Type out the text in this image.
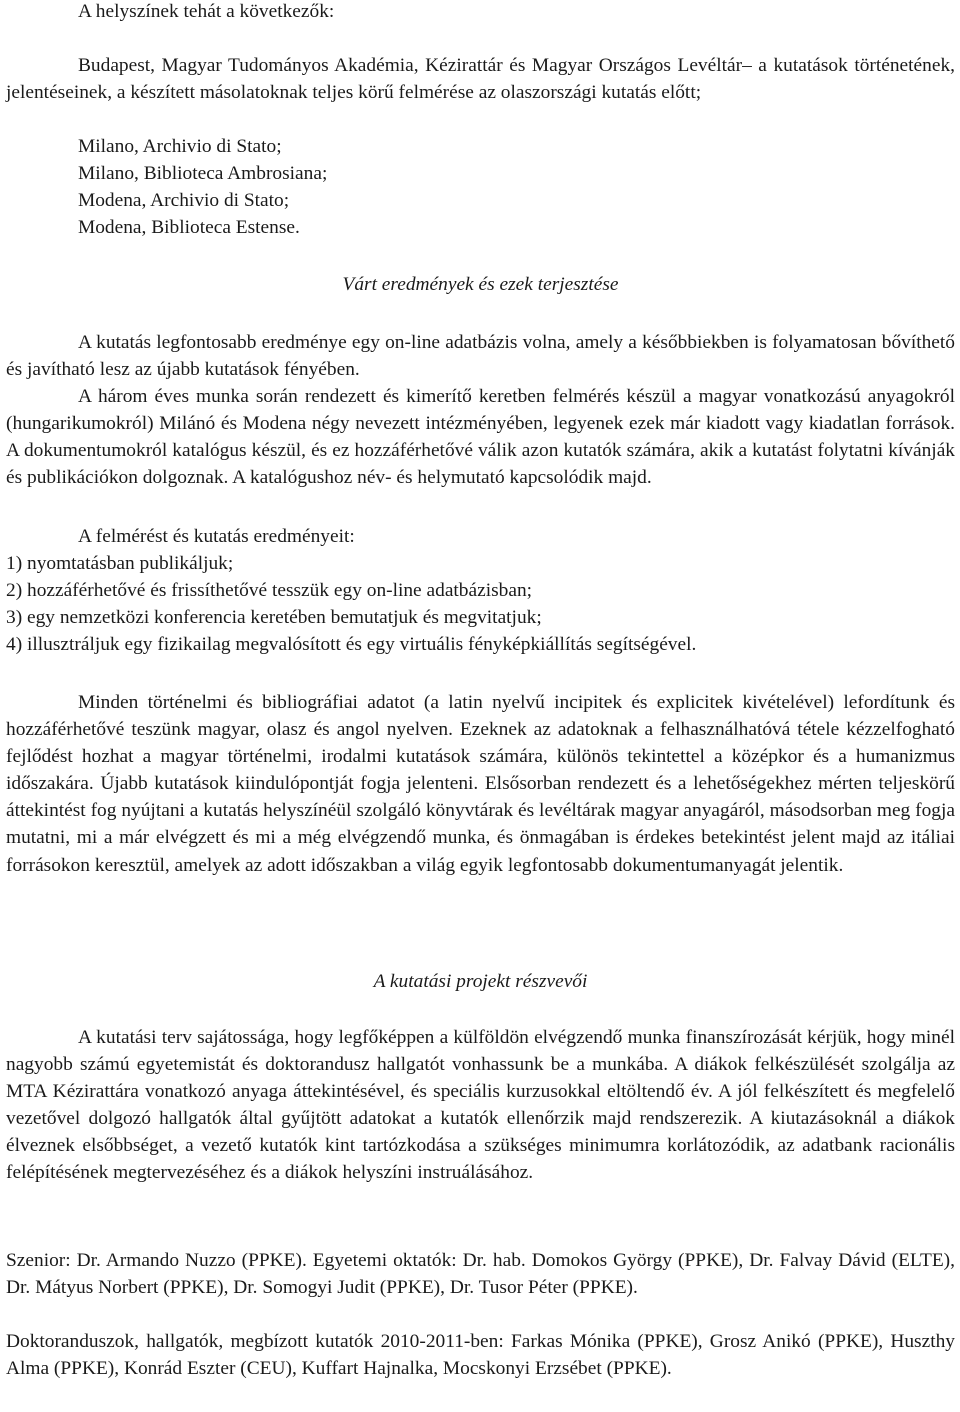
A helyszínek tehát a következők:

Budapest, Magyar Tudományos Akadémia, Kézirattár és Magyar Országos Levéltár– a kutatások történetének, jelentéseinek, a készített másolatoknak teljes körű felmérése az olaszországi kutatás előtt;

Milano, Archivio di Stato;
Milano, Biblioteca Ambrosiana;
Modena, Archivio di Stato;
Modena, Biblioteca Estense.

Várt eredmények és ezek terjesztése

A kutatás legfontosabb eredménye egy on-line adatbázis volna, amely a későbbiekben is folyamatosan bővíthető és javítható lesz az újabb kutatások fényében.

A három éves munka során rendezett és kimerítő keretben felmérés készül a magyar vonatkozású anyagokról (hungarikumokról) Milánó és Modena négy nevezett intézményében, legyenek ezek már kiadott vagy kiadatlan források. A dokumentumokról katalógus készül, és ez hozzáférhetővé válik azon kutatók számára, akik a kutatást folytatni kívánják és publikációkon dolgoznak. A katalógushoz név- és helymutató kapcsolódik majd.

A felmérést és kutatás eredményeit:

1) nyomtatásban publikáljuk;
2) hozzáférhetővé és frissíthetővé tesszük egy on-line adatbázisban;
3) egy nemzetközi konferencia keretében bemutatjuk és megvitatjuk;
4) illusztráljuk egy fizikailag megvalósított és egy virtuális fényképkiállítás segítségével.

Minden történelmi és bibliográfiai adatot (a latin nyelvű incipitek és explicitek kivételével) lefordítunk és hozzáférhetővé teszünk magyar, olasz és angol nyelven. Ezeknek az adatoknak a felhasználhatóvá tétele kézzelfogható fejlődést hozhat a magyar történelmi, irodalmi kutatások számára, különös tekintettel a középkor és a humanizmus időszakára. Újabb kutatások kiindulópontját fogja jelenteni. Elsősorban rendezett és a lehetőségekhez mérten teljeskörű áttekintést fog nyújtani a kutatás helyszínéül szolgáló könyvtárak és levéltárak magyar anyagáról, másodsorban meg fogja mutatni, mi a már elvégzett és mi a még elvégzendő munka, és önmagában is érdekes betekintést jelent majd az itáliai forrásokon keresztül, amelyek az adott időszakban a világ egyik legfontosabb dokumentumanyagát jelentik.

A kutatási projekt részvevői

A kutatási terv sajátossága, hogy legfőképpen a külföldön elvégzendő munka finanszírozását kérjük, hogy minél nagyobb számú egyetemistát és doktorandusz hallgatót vonhassunk be a munkába. A diákok felkészülését szolgálja az MTA Kézirattára vonatkozó anyaga áttekintésével, és speciális kurzusokkal eltöltendő év. A jól felkészített és megfelelő vezetővel dolgozó hallgatók által gyűjtött adatokat a kutatók ellenőrzik majd rendszerezik. A kiutazásoknál a diákok élveznek elsőbbséget, a vezető kutatók kint tartózkodása a szükséges minimumra korlátozódik, az adatbank racionális felépítésének megtervezéséhez és a diákok helyszíni instruálásához.

Szenior: Dr. Armando Nuzzo (PPKE). Egyetemi oktatók: Dr. hab. Domokos György (PPKE), Dr. Falvay Dávid (ELTE), Dr. Mátyus Norbert (PPKE), Dr. Somogyi Judit (PPKE), Dr. Tusor Péter (PPKE).

Doktoranduszok, hallgatók, megbízott kutatók 2010-2011-ben: Farkas Mónika (PPKE), Grosz Anikó (PPKE), Huszthy Alma (PPKE), Konrád Eszter (CEU), Kuffart Hajnalka, Mocskonyi Erzsébet (PPKE).
